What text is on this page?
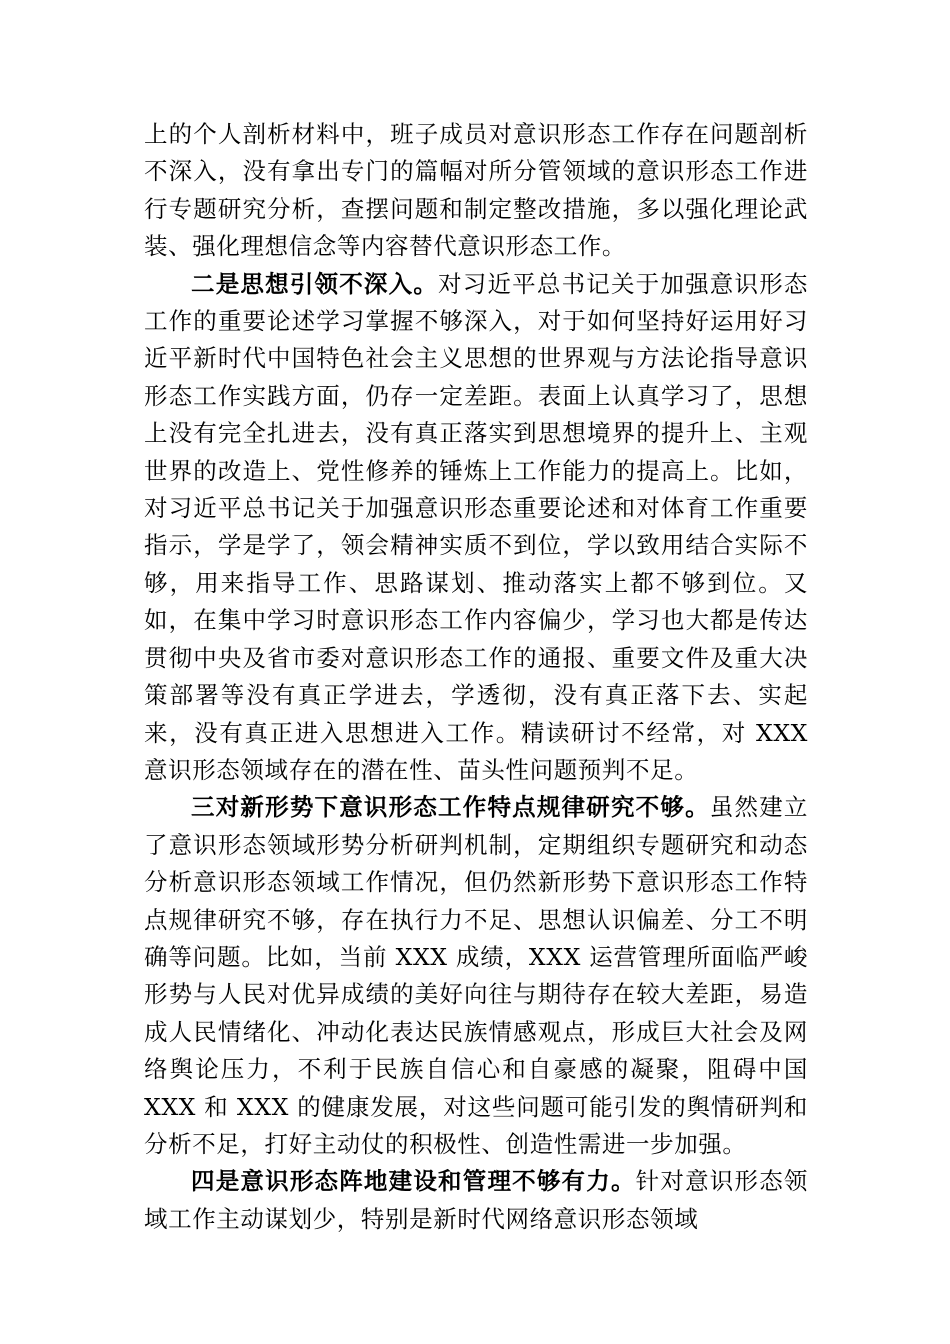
上的个人剖析材料中，班子成员对意识形态工作存在问题剖析不深入，没有拿出专门的篇幅对所分管领域的意识形态工作进行专题研究分析，查摆问题和制定整改措施，多以强化理论武装、强化理想信念等内容替代意识形态工作。

二是思想引领不深入。对习近平总书记关于加强意识形态工作的重要论述学习掌握不够深入，对于如何坚持好运用好习近平新时代中国特色社会主义思想的世界观与方法论指导意识形态工作实践方面，仍存一定差距。表面上认真学习了，思想上没有完全扎进去，没有真正落实到思想境界的提升上、主观世界的改造上、党性修养的锤炼上工作能力的提高上。比如，对习近平总书记关于加强意识形态重要论述和对体育工作重要指示，学是学了，领会精神实质不到位，学以致用结合实际不够，用来指导工作、思路谋划、推动落实上都不够到位。又如，在集中学习时意识形态工作内容偏少，学习也大都是传达贯彻中央及省市委对意识形态工作的通报、重要文件及重大决策部署等没有真正学进去，学透彻，没有真正落下去、实起来，没有真正进入思想进入工作。精读研讨不经常，对 XXX 意识形态领域存在的潜在性、苗头性问题预判不足。

三对新形势下意识形态工作特点规律研究不够。虽然建立了意识形态领域形势分析研判机制，定期组织专题研究和动态分析意识形态领域工作情况，但仍然新形势下意识形态工作特点规律研究不够，存在执行力不足、思想认识偏差、分工不明确等问题。比如，当前 XXX 成绩，XXX 运营管理所面临严峻形势与人民对优异成绩的美好向往与期待存在较大差距，易造成人民情绪化、冲动化表达民族情感观点，形成巨大社会及网络舆论压力，不利于民族自信心和自豪感的凝聚，阻碍中国 XXX 和 XXX 的健康发展，对这些问题可能引发的舆情研判和分析不足，打好主动仗的积极性、创造性需进一步加强。

四是意识形态阵地建设和管理不够有力。针对意识形态领域工作主动谋划少，特别是新时代网络意识形态领域
